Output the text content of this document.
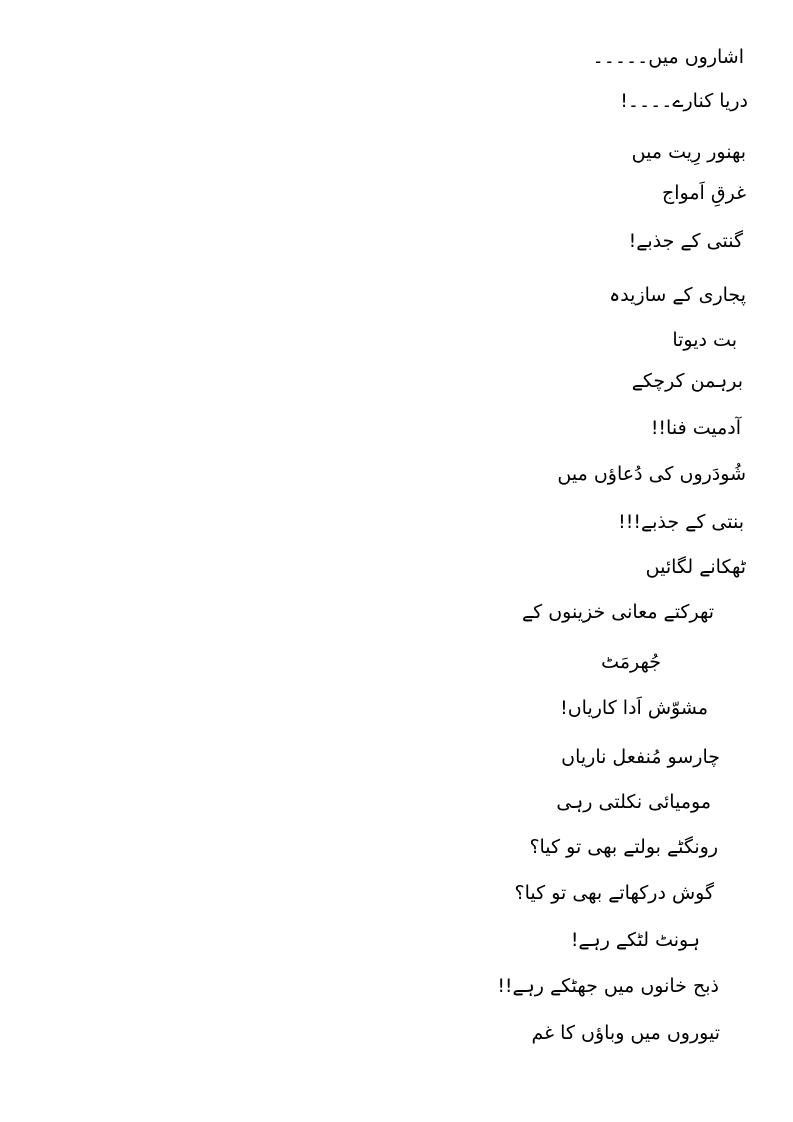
اشاروں میں۔۔۔۔۔
دریا کنارے۔۔۔۔!
بھنور رِیت میں
غرقِ اَمواج
گنتی کے جذبے!
پجاری کے سازیدہ
بت دیوتا
برہمن کرچکے
آدمیت فنا!!
شُودَروں کی دُعاؤں میں
بنتی کے جذبے!!!
ٹھکانے لگائیں
تھرکتے معانی خزینوں کے
جُھرمَٹ
مشوّش اَدا کاریاں!
چارسو مُنفعل ناریاں
مومیائی نکلتی رہی
رونگٹے بولتے بھی تو کیا؟
گوش درکھاتے بھی تو کیا؟
ہونٹ لٹکے رہے!
ذبح خانوں میں جھٹکے رہے!!
تیوروں میں وباؤں کا غم
